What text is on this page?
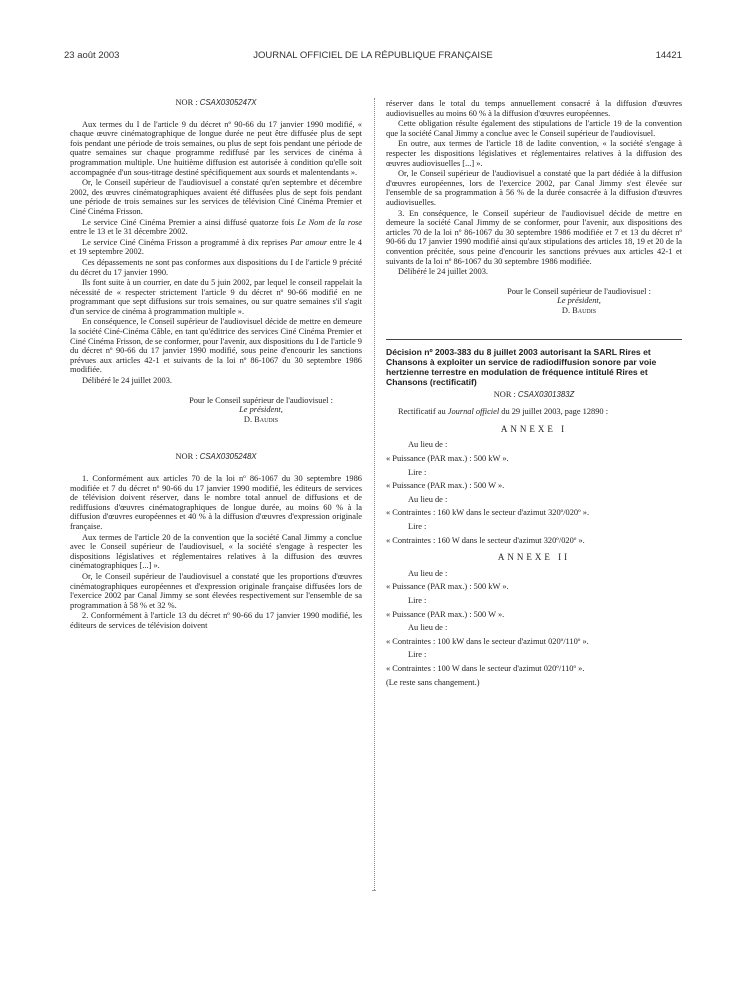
23 août 2003	JOURNAL OFFICIEL DE LA RÉPUBLIQUE FRANÇAISE	14421

NOR : CSAX0305247X

Aux termes du I de l'article 9 du décret nº 90-66 du 17 janvier 1990 modifié, « chaque œuvre cinématographique de longue durée ne peut être diffusée plus de sept fois pendant une période de trois semaines, ou plus de sept fois pendant une période de quatre semaines sur chaque programme rediffusé par les services de cinéma à programmation multiple. Une huitième diffusion est autorisée à condition qu'elle soit accompagnée d'un sous-titrage destiné spécifiquement aux sourds et malentendants ».

Or, le Conseil supérieur de l'audiovisuel a constaté qu'en septembre et décembre 2002, des œuvres cinématographiques avaient été diffusées plus de sept fois pendant une période de trois semaines sur les services de télévision Ciné Cinéma Premier et Ciné Cinéma Frisson.

Le service Ciné Cinéma Premier a ainsi diffusé quatorze fois Le Nom de la rose entre le 13 et le 31 décembre 2002.

Le service Ciné Cinéma Frisson a programmé à dix reprises Par amour entre le 4 et 19 septembre 2002.

Ces dépassements ne sont pas conformes aux dispositions du I de l'article 9 précité du décret du 17 janvier 1990.

Ils font suite à un courrier, en date du 5 juin 2002, par lequel le conseil rappelait la nécessité de « respecter strictement l'article 9 du décret nº 90-66 modifié en ne programmant que sept diffusions sur trois semaines, ou sur quatre semaines s'il s'agit d'un service de cinéma à programmation multiple ».

En conséquence, le Conseil supérieur de l'audiovisuel décide de mettre en demeure la société Ciné-Cinéma Câble, en tant qu'éditrice des services Ciné Cinéma Premier et Ciné Cinéma Frisson, de se conformer, pour l'avenir, aux dispositions du I de l'article 9 du décret nº 90-66 du 17 janvier 1990 modifié, sous peine d'encourir les sanctions prévues aux articles 42-1 et suivants de la loi nº 86-1067 du 30 septembre 1986 modifiée.

Délibéré le 24 juillet 2003.

Pour le Conseil supérieur de l'audiovisuel :

Le président,

D. Baudis

NOR : CSAX0305248X

1. Conformément aux articles 70 de la loi nº 86-1067 du 30 septembre 1986 modifiée et 7 du décret nº 90-66 du 17 janvier 1990 modifié, les éditeurs de services de télévision doivent réserver, dans le nombre total annuel de diffusions et de rediffusions d'œuvres cinématographiques de longue durée, au moins 60 % à la diffusion d'œuvres européennes et 40 % à la diffusion d'œuvres d'expression originale française.

Aux termes de l'article 20 de la convention que la société Canal Jimmy a conclue avec le Conseil supérieur de l'audiovisuel, « la société s'engage à respecter les dispositions législatives et réglementaires relatives à la diffusion des œuvres cinématographiques [...] ».

Or, le Conseil supérieur de l'audiovisuel a constaté que les proportions d'œuvres cinématographiques européennes et d'expression originale française diffusées lors de l'exercice 2002 par Canal Jimmy se sont élevées respectivement sur l'ensemble de sa programmation à 58 % et 32 %.

2. Conformément à l'article 13 du décret nº 90-66 du 17 janvier 1990 modifié, les éditeurs de services de télévision doivent

réserver dans le total du temps annuellement consacré à la diffusion d'œuvres audiovisuelles au moins 60 % à la diffusion d'œuvres européennes.

Cette obligation résulte également des stipulations de l'article 19 de la convention que la société Canal Jimmy a conclue avec le Conseil supérieur de l'audiovisuel.

En outre, aux termes de l'article 18 de ladite convention, « la société s'engage à respecter les dispositions législatives et réglementaires relatives à la diffusion des œuvres audiovisuelles [...] ».

Or, le Conseil supérieur de l'audiovisuel a constaté que la part dédiée à la diffusion d'œuvres européennes, lors de l'exercice 2002, par Canal Jimmy s'est élevée sur l'ensemble de sa programmation à 56 % de la durée consacrée à la diffusion d'œuvres audiovisuelles.

3. En conséquence, le Conseil supérieur de l'audiovisuel décide de mettre en demeure la société Canal Jimmy de se conformer, pour l'avenir, aux dispositions des articles 70 de la loi nº 86-1067 du 30 septembre 1986 modifiée et 7 et 13 du décret nº 90-66 du 17 janvier 1990 modifié ainsi qu'aux stipulations des articles 18, 19 et 20 de la convention précitée, sous peine d'encourir les sanctions prévues aux articles 42-1 et suivants de la loi nº 86-1067 du 30 septembre 1986 modifiée.

Délibéré le 24 juillet 2003.

Pour le Conseil supérieur de l'audiovisuel :

Le président,

D. Baudis

Décision nº 2003-383 du 8 juillet 2003 autorisant la SARL Rires et Chansons à exploiter un service de radiodiffusion sonore par voie hertzienne terrestre en modulation de fréquence intitulé Rires et Chansons (rectificatif)

NOR : CSAX0301383Z

Rectificatif au Journal officiel du 29 juillet 2003, page 12890 :

ANNEXE I

Au lieu de :

« Puissance (PAR max.) : 500 kW ».

Lire :

« Puissance (PAR max.) : 500 W ».

Au lieu de :

« Contraintes : 160 kW dans le secteur d'azimut 320º/020º ».

Lire :

« Contraintes : 160 W dans le secteur d'azimut 320º/020º ».

ANNEXE II

Au lieu de :

« Puissance (PAR max.) : 500 kW ».

Lire :

« Puissance (PAR max.) : 500 W ».

Au lieu de :

« Contraintes : 100 kW dans le secteur d'azimut 020º/110º ».

Lire :

« Contraintes : 100 W dans le secteur d'azimut 020º/110º ».

(Le reste sans changement.)
